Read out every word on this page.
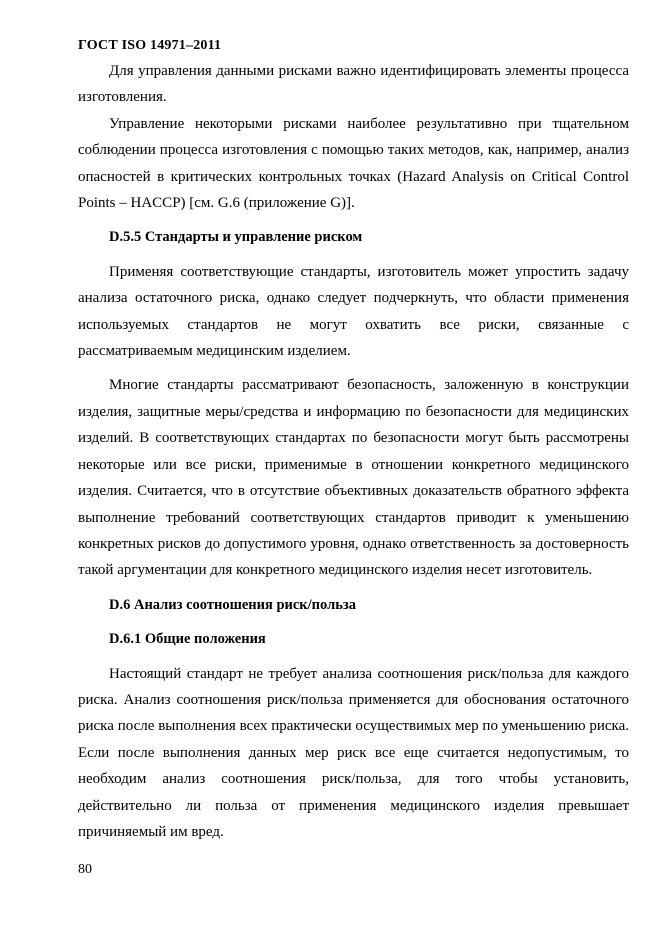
ГОСТ ISO 14971–2011

Для управления данными рисками важно идентифицировать элементы процесса изготовления.

Управление некоторыми рисками наиболее результативно при тщательном соблюдении процесса изготовления с помощью таких методов, как, например, анализ опасностей в критических контрольных точках (Hazard Analysis on Critical Control Points – HACCP) [см. G.6 (приложение G)].

D.5.5 Стандарты и управление риском

Применяя соответствующие стандарты, изготовитель может упростить задачу анализа остаточного риска, однако следует подчеркнуть, что области применения используемых стандартов не могут охватить все риски, связанные с рассматриваемым медицинским изделием.

Многие стандарты рассматривают безопасность, заложенную в конструкции изделия, защитные меры/средства и информацию по безопасности для медицинских изделий. В соответствующих стандартах по безопасности могут быть рассмотрены некоторые или все риски, применимые в отношении конкретного медицинского изделия. Считается, что в отсутствие объективных доказательств обратного эффекта выполнение требований соответствующих стандартов приводит к уменьшению конкретных рисков до допустимого уровня, однако ответственность за достоверность такой аргументации для конкретного медицинского изделия несет изготовитель.

D.6 Анализ соотношения риск/польза
D.6.1 Общие положения

Настоящий стандарт не требует анализа соотношения риск/польза для каждого риска. Анализ соотношения риск/польза применяется для обоснования остаточного риска после выполнения всех практически осуществимых мер по уменьшению риска. Если после выполнения данных мер риск все еще считается недопустимым, то необходим анализ соотношения риск/польза, для того чтобы установить, действительно ли польза от применения медицинского изделия превышает причиняемый им вред.

80
